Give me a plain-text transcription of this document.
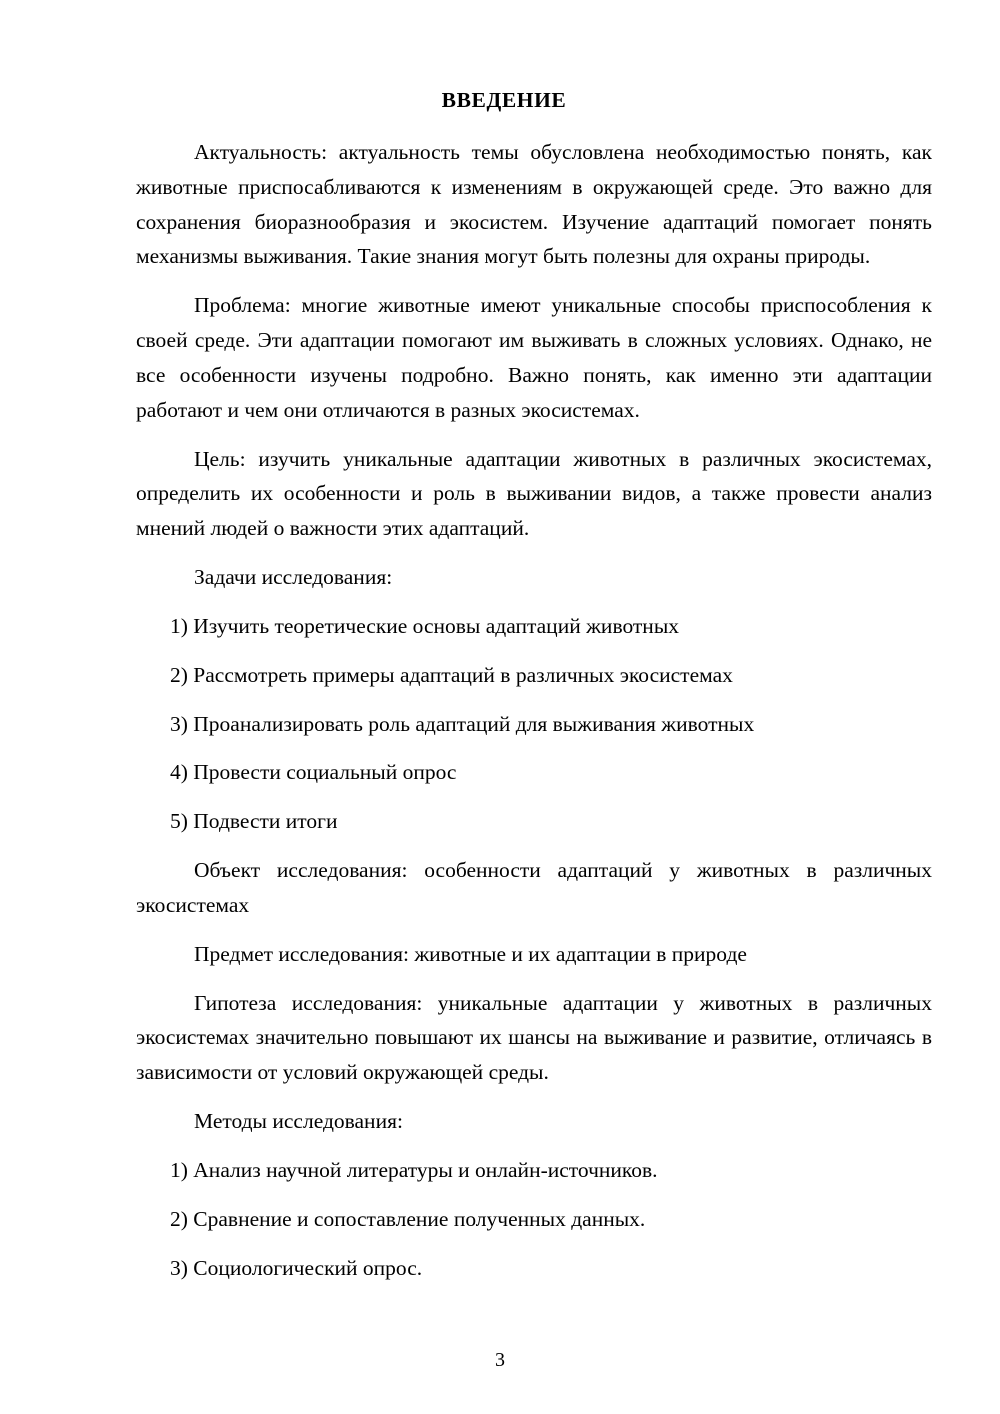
ВВЕДЕНИЕ

Актуальность: актуальность темы обусловлена необходимостью понять, как животные приспосабливаются к изменениям в окружающей среде. Это важно для сохранения биоразнообразия и экосистем. Изучение адаптаций помогает понять механизмы выживания. Такие знания могут быть полезны для охраны природы.

Проблема: многие животные имеют уникальные способы приспособления к своей среде. Эти адаптации помогают им выживать в сложных условиях. Однако, не все особенности изучены подробно. Важно понять, как именно эти адаптации работают и чем они отличаются в разных экосистемах.

Цель: изучить уникальные адаптации животных в различных экосистемах, определить их особенности и роль в выживании видов, а также провести анализ мнений людей о важности этих адаптаций.

Задачи исследования:

1) Изучить теоретические основы адаптаций животных

2) Рассмотреть примеры адаптаций в различных экосистемах

3) Проанализировать роль адаптаций для выживания животных

4) Провести социальный опрос

5) Подвести итоги

Объект исследования: особенности адаптаций у животных в различных экосистемах

Предмет исследования: животные и их адаптации в природе

Гипотеза исследования: уникальные адаптации у животных в различных экосистемах значительно повышают их шансы на выживание и развитие, отличаясь в зависимости от условий окружающей среды.

Методы исследования:

1) Анализ научной литературы и онлайн-источников.

2) Сравнение и сопоставление полученных данных.

3) Социологический опрос.

3
